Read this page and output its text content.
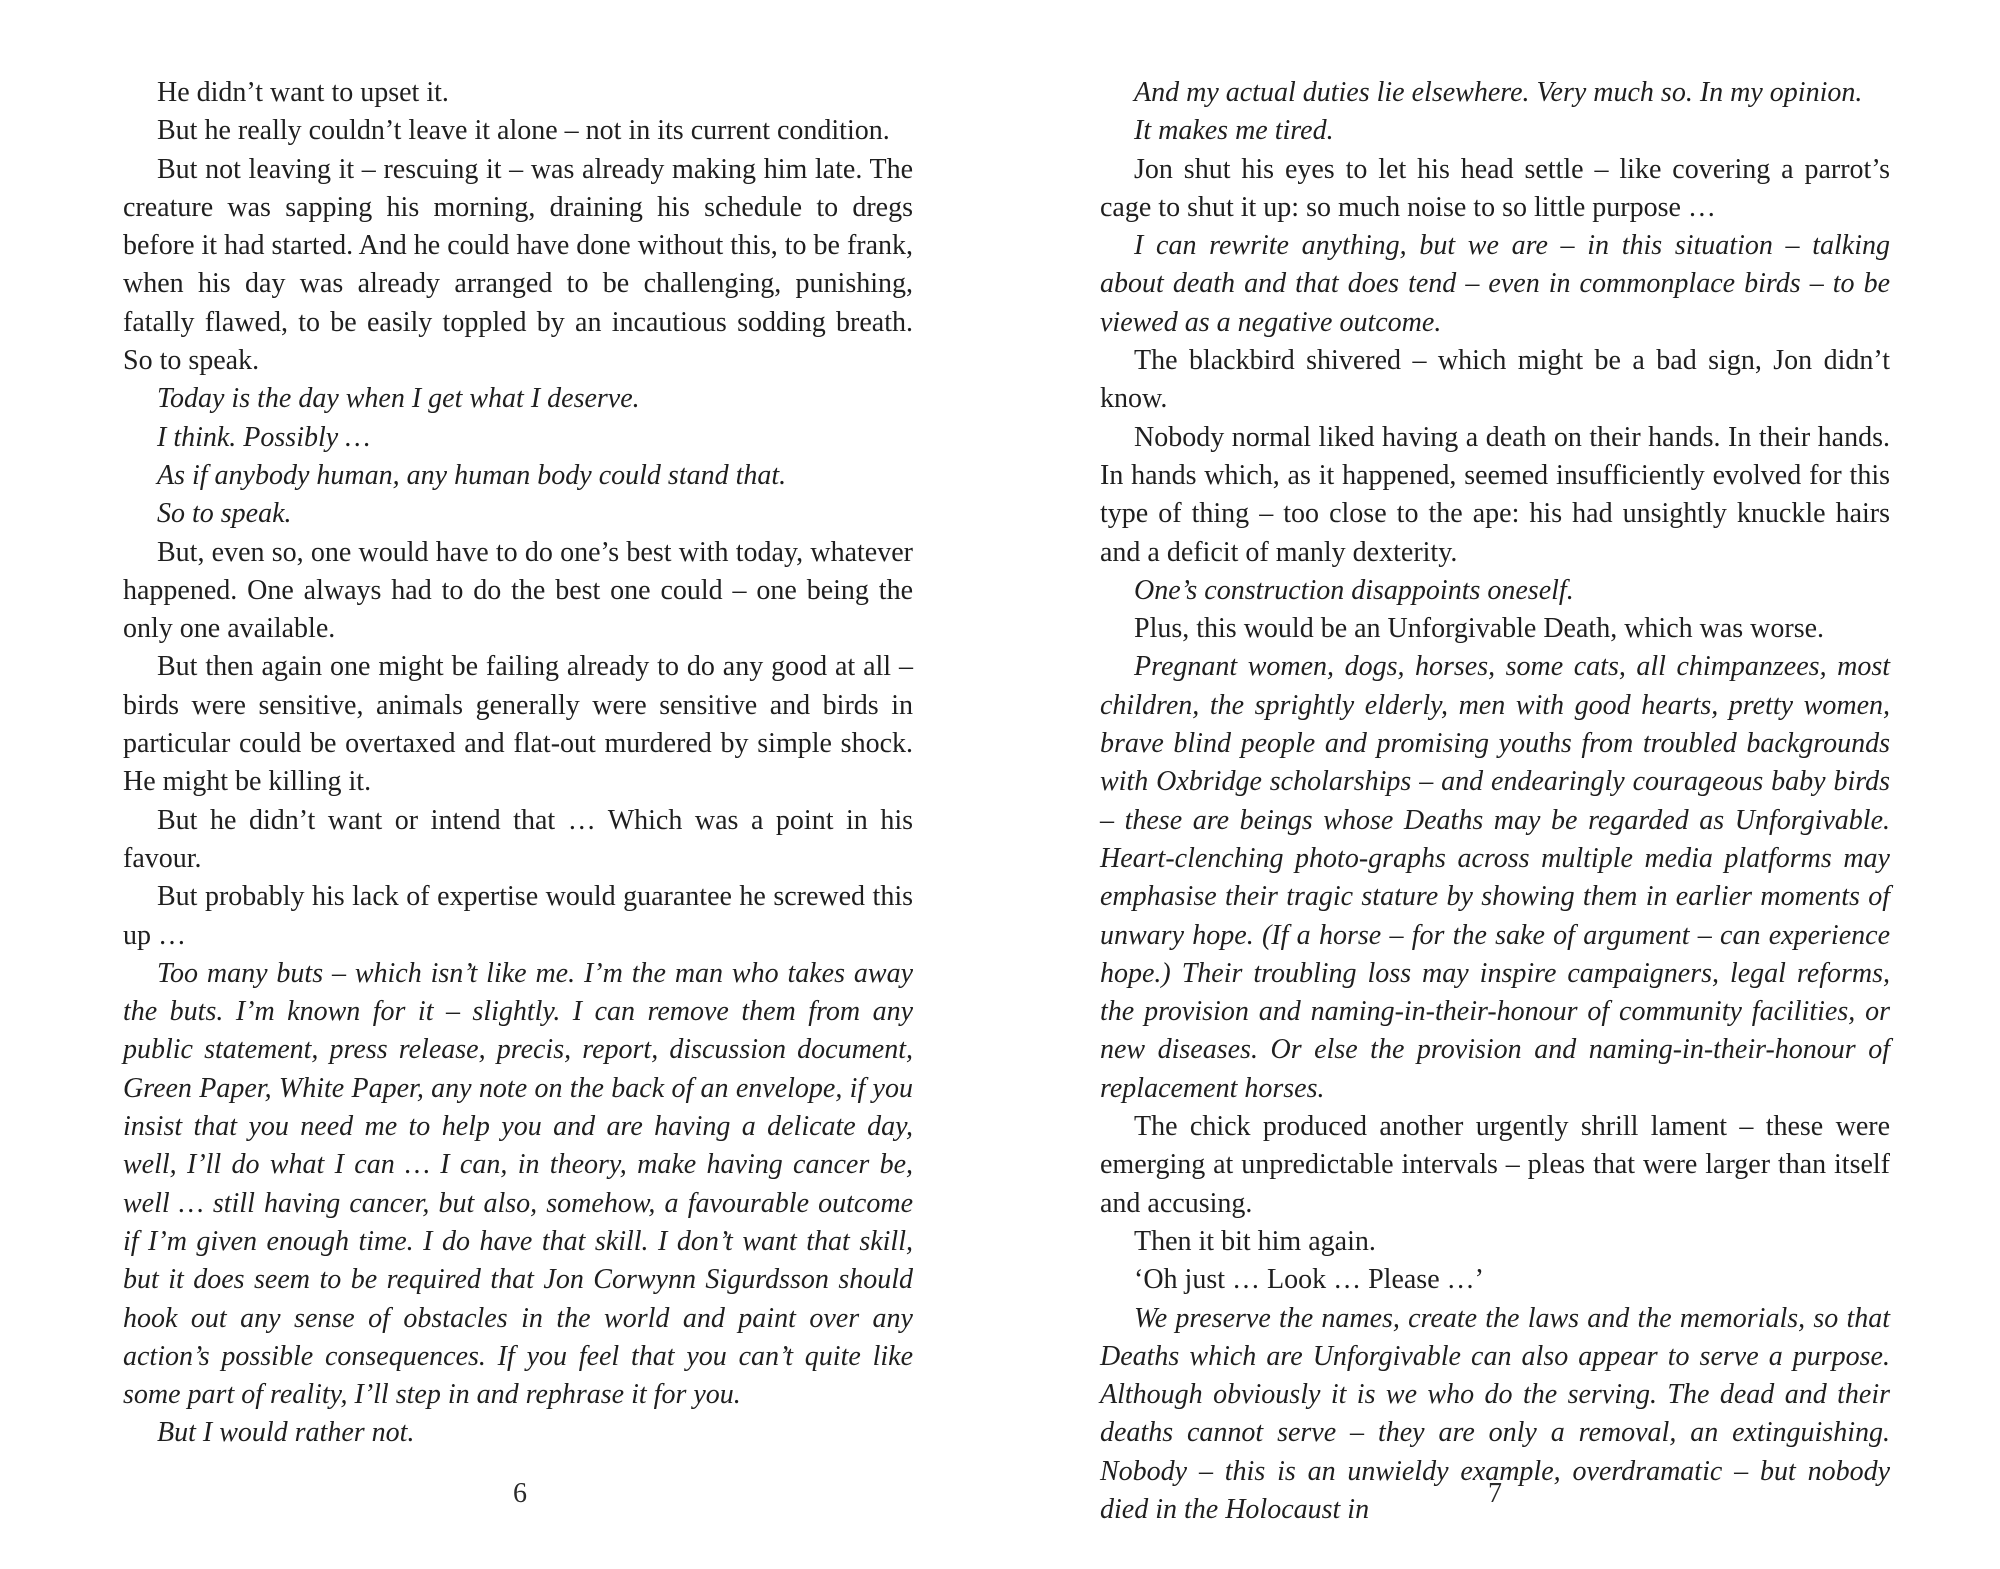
He didn’t want to upset it.

But he really couldn’t leave it alone – not in its current condition.

But not leaving it – rescuing it – was already making him late. The creature was sapping his morning, draining his schedule to dregs before it had started. And he could have done without this, to be frank, when his day was already arranged to be challenging, punishing, fatally flawed, to be easily toppled by an incautious sodding breath. So to speak.

Today is the day when I get what I deserve.

I think. Possibly …

As if anybody human, any human body could stand that.

So to speak.

But, even so, one would have to do one’s best with today, whatever happened. One always had to do the best one could – one being the only one available.

But then again one might be failing already to do any good at all – birds were sensitive, animals generally were sensitive and birds in particular could be overtaxed and flat-out murdered by simple shock. He might be killing it.

But he didn’t want or intend that … Which was a point in his favour.

But probably his lack of expertise would guarantee he screwed this up …

Too many buts – which isn’t like me. I’m the man who takes away the buts. I’m known for it – slightly. I can remove them from any public statement, press release, precis, report, discussion document, Green Paper, White Paper, any note on the back of an envelope, if you insist that you need me to help you and are having a delicate day, well, I’ll do what I can … I can, in theory, make having cancer be, well … still having cancer, but also, somehow, a favourable outcome if I’m given enough time. I do have that skill. I don’t want that skill, but it does seem to be required that Jon Corwynn Sigurdsson should hook out any sense of obstacles in the world and paint over any action’s possible consequences. If you feel that you can’t quite like some part of reality, I’ll step in and rephrase it for you.

But I would rather not.

And my actual duties lie elsewhere. Very much so. In my opinion.

It makes me tired.

Jon shut his eyes to let his head settle – like covering a parrot’s cage to shut it up: so much noise to so little purpose …

I can rewrite anything, but we are – in this situation – talking about death and that does tend – even in commonplace birds – to be viewed as a negative outcome.

The blackbird shivered – which might be a bad sign, Jon didn’t know.

Nobody normal liked having a death on their hands. In their hands. In hands which, as it happened, seemed insufficiently evolved for this type of thing – too close to the ape: his had unsightly knuckle hairs and a deficit of manly dexterity.

One’s construction disappoints oneself.

Plus, this would be an Unforgivable Death, which was worse.

Pregnant women, dogs, horses, some cats, all chimpanzees, most children, the sprightly elderly, men with good hearts, pretty women, brave blind people and promising youths from troubled backgrounds with Oxbridge scholarships – and endearingly courageous baby birds – these are beings whose Deaths may be regarded as Unforgivable. Heart-clenching photo-graphs across multiple media platforms may emphasise their tragic stature by showing them in earlier moments of unwary hope. (If a horse – for the sake of argument – can experience hope.) Their troubling loss may inspire campaigners, legal reforms, the provision and naming-in-their-honour of community facilities, or new diseases. Or else the provision and naming-in-their-honour of replacement horses.

The chick produced another urgently shrill lament – these were emerging at unpredictable intervals – pleas that were larger than itself and accusing.

Then it bit him again.

‘Oh just … Look … Please …’

We preserve the names, create the laws and the memorials, so that Deaths which are Unforgivable can also appear to serve a purpose. Although obviously it is we who do the serving. The dead and their deaths cannot serve – they are only a removal, an extinguishing. Nobody – this is an unwieldy example, overdramatic – but nobody died in the Holocaust in

6	7
